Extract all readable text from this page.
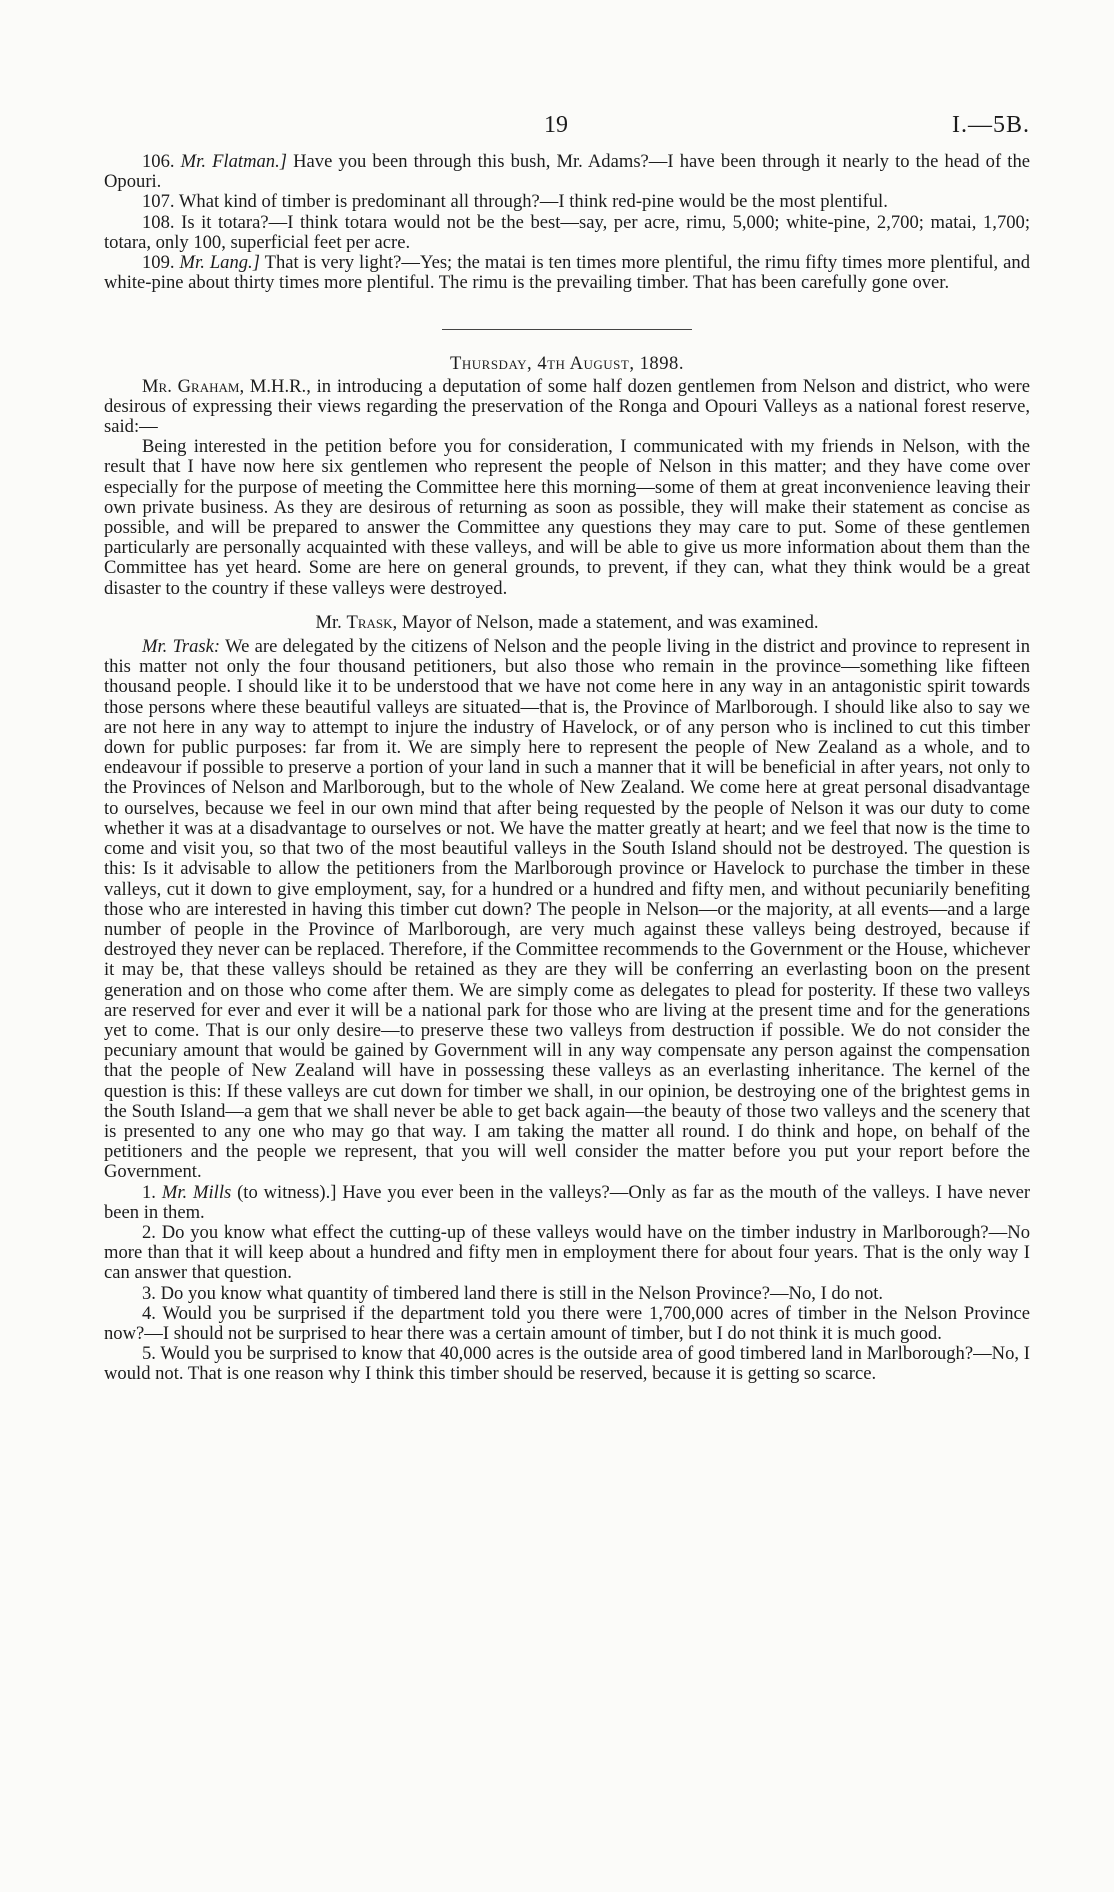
19	I.—5B.

106. Mr. Flatman.] Have you been through this bush, Mr. Adams?—I have been through it nearly to the head of the Opouri.

107. What kind of timber is predominant all through?—I think red-pine would be the most plentiful.

108. Is it totara?—I think totara would not be the best—say, per acre, rimu, 5,000; white-pine, 2,700; matai, 1,700; totara, only 100, superficial feet per acre.

109. Mr. Lang.] That is very light?—Yes; the matai is ten times more plentiful, the rimu fifty times more plentiful, and white-pine about thirty times more plentiful. The rimu is the prevailing timber. That has been carefully gone over.

Thursday, 4th August, 1898.

Mr. Graham, M.H.R., in introducing a deputation of some half dozen gentlemen from Nelson and district, who were desirous of expressing their views regarding the preservation of the Ronga and Opouri Valleys as a national forest reserve, said:—

Being interested in the petition before you for consideration, I communicated with my friends in Nelson, with the result that I have now here six gentlemen who represent the people of Nelson in this matter; and they have come over especially for the purpose of meeting the Committee here this morning—some of them at great inconvenience leaving their own private business. As they are desirous of returning as soon as possible, they will make their statement as concise as possible, and will be prepared to answer the Committee any questions they may care to put. Some of these gentlemen particularly are personally acquainted with these valleys, and will be able to give us more information about them than the Committee has yet heard. Some are here on general grounds, to prevent, if they can, what they think would be a great disaster to the country if these valleys were destroyed.

Mr. Trask, Mayor of Nelson, made a statement, and was examined.

Mr. Trask: We are delegated by the citizens of Nelson and the people living in the district and province to represent in this matter not only the four thousand petitioners, but also those who remain in the province—something like fifteen thousand people. I should like it to be understood that we have not come here in any way in an antagonistic spirit towards those persons where these beautiful valleys are situated—that is, the Province of Marlborough. I should like also to say we are not here in any way to attempt to injure the industry of Havelock, or of any person who is inclined to cut this timber down for public purposes: far from it. We are simply here to represent the people of New Zealand as a whole, and to endeavour if possible to preserve a portion of your land in such a manner that it will be beneficial in after years, not only to the Provinces of Nelson and Marlborough, but to the whole of New Zealand. We come here at great personal disadvantage to ourselves, because we feel in our own mind that after being requested by the people of Nelson it was our duty to come whether it was at a disadvantage to ourselves or not. We have the matter greatly at heart; and we feel that now is the time to come and visit you, so that two of the most beautiful valleys in the South Island should not be destroyed. The question is this: Is it advisable to allow the petitioners from the Marlborough province or Havelock to purchase the timber in these valleys, cut it down to give employment, say, for a hundred or a hundred and fifty men, and without pecuniarily benefiting those who are interested in having this timber cut down? The people in Nelson—or the majority, at all events—and a large number of people in the Province of Marlborough, are very much against these valleys being destroyed, because if destroyed they never can be replaced. Therefore, if the Committee recommends to the Government or the House, whichever it may be, that these valleys should be retained as they are they will be conferring an everlasting boon on the present generation and on those who come after them. We are simply come as delegates to plead for posterity. If these two valleys are reserved for ever and ever it will be a national park for those who are living at the present time and for the generations yet to come. That is our only desire—to preserve these two valleys from destruction if possible. We do not consider the pecuniary amount that would be gained by Government will in any way compensate any person against the compensation that the people of New Zealand will have in possessing these valleys as an everlasting inheritance. The kernel of the question is this: If these valleys are cut down for timber we shall, in our opinion, be destroying one of the brightest gems in the South Island—a gem that we shall never be able to get back again—the beauty of those two valleys and the scenery that is presented to any one who may go that way. I am taking the matter all round. I do think and hope, on behalf of the petitioners and the people we represent, that you will well consider the matter before you put your report before the Government.

1. Mr. Mills (to witness).] Have you ever been in the valleys?—Only as far as the mouth of the valleys. I have never been in them.

2. Do you know what effect the cutting-up of these valleys would have on the timber industry in Marlborough?—No more than that it will keep about a hundred and fifty men in employment there for about four years. That is the only way I can answer that question.

3. Do you know what quantity of timbered land there is still in the Nelson Province?—No, I do not.

4. Would you be surprised if the department told you there were 1,700,000 acres of timber in the Nelson Province now?—I should not be surprised to hear there was a certain amount of timber, but I do not think it is much good.

5. Would you be surprised to know that 40,000 acres is the outside area of good timbered land in Marlborough?—No, I would not. That is one reason why I think this timber should be reserved, because it is getting so scarce.
